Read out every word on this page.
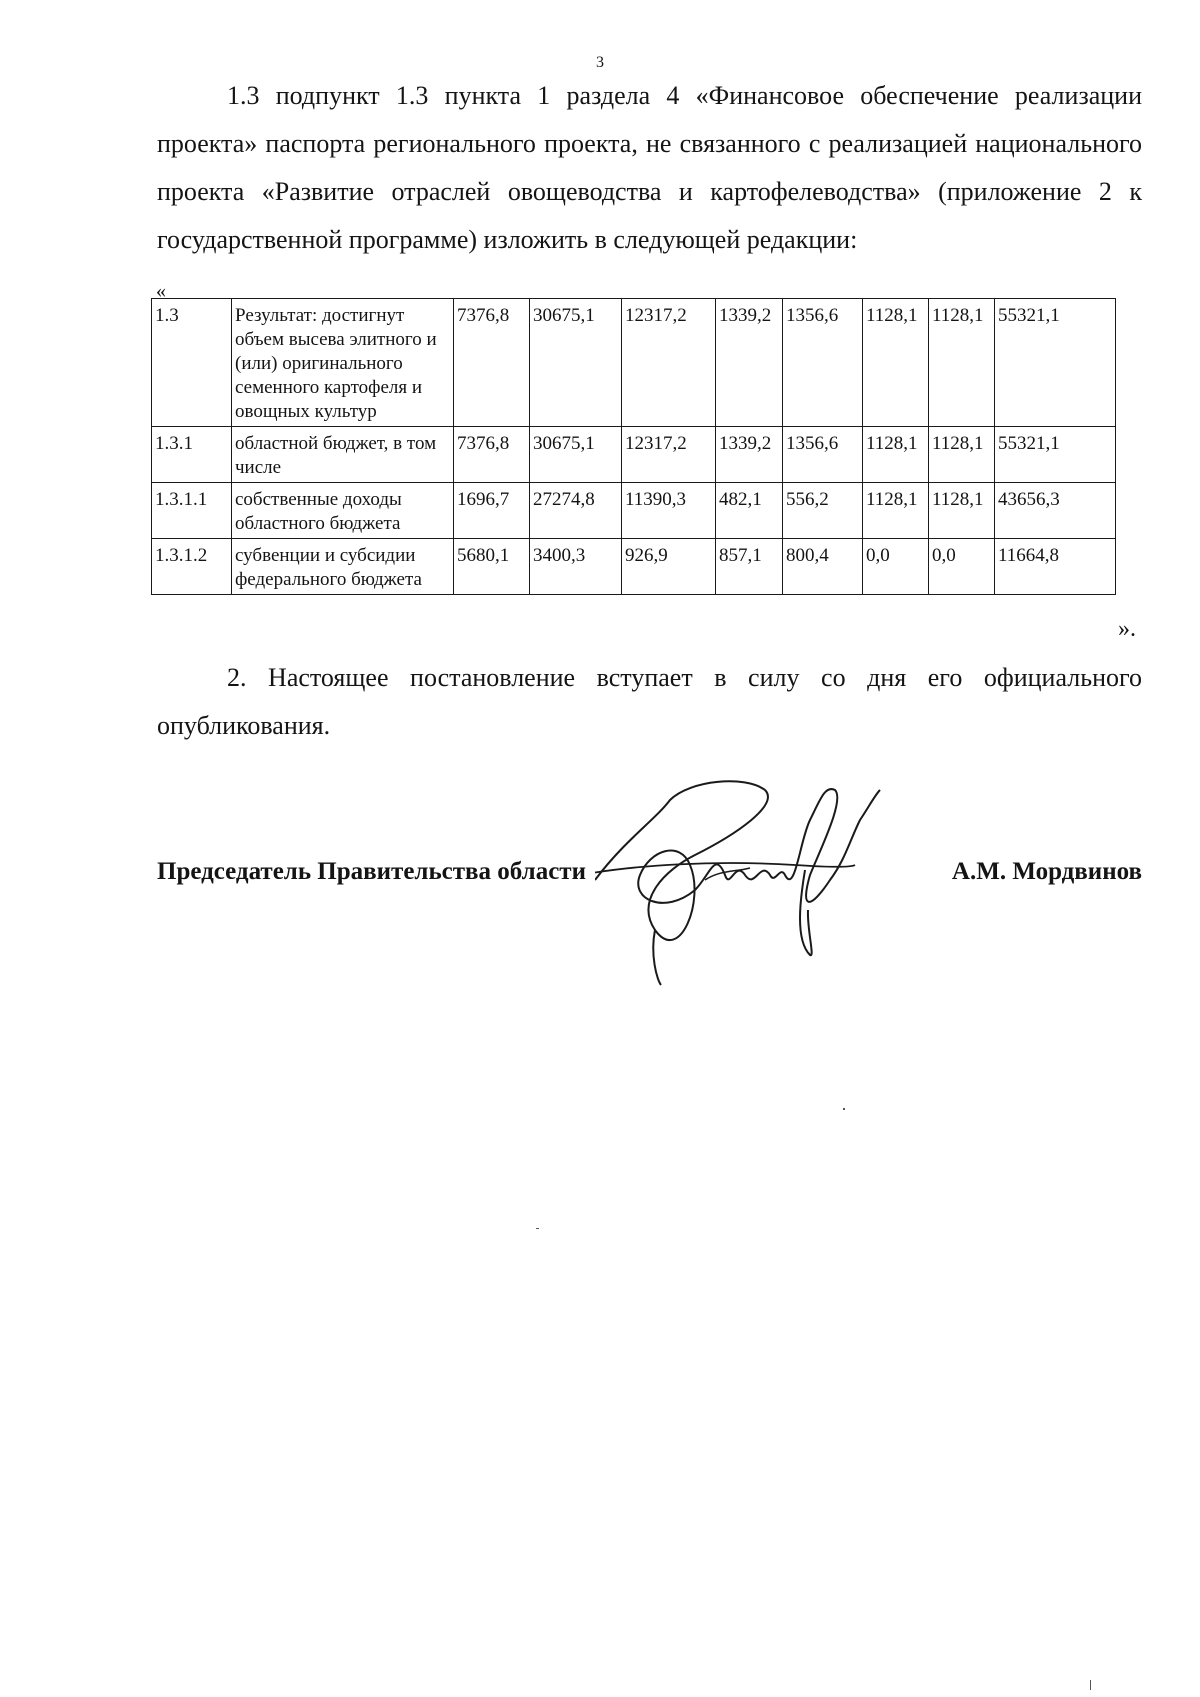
3

1.3 подпункт 1.3 пункта 1 раздела 4 «Финансовое обеспечение реализации проекта» паспорта регионального проекта, не связанного с реализацией национального проекта «Развитие отраслей овощеводства и картофелеводства» (приложение 2 к государственной программе) изложить в следующей редакции:

«
1.3	Результат: достигнут объем высева элитного и (или) оригинального семенного картофеля и овощных культур	7376,8	30675,1	12317,2	1339,2	1356,6	1128,1	1128,1	55321,1
1.3.1	областной бюджет, в том числе	7376,8	30675,1	12317,2	1339,2	1356,6	1128,1	1128,1	55321,1
1.3.1.1	собственные доходы областного бюджета	1696,7	27274,8	11390,3	482,1	556,2	1128,1	1128,1	43656,3
1.3.1.2	субвенции и субсидии федерального бюджета	5680,1	3400,3	926,9	857,1	800,4	0,0	0,0	11664,8
».

2. Настоящее постановление вступает в силу со дня его официального опубликования.

Председатель Правительства области	А.М. Мордвинов
